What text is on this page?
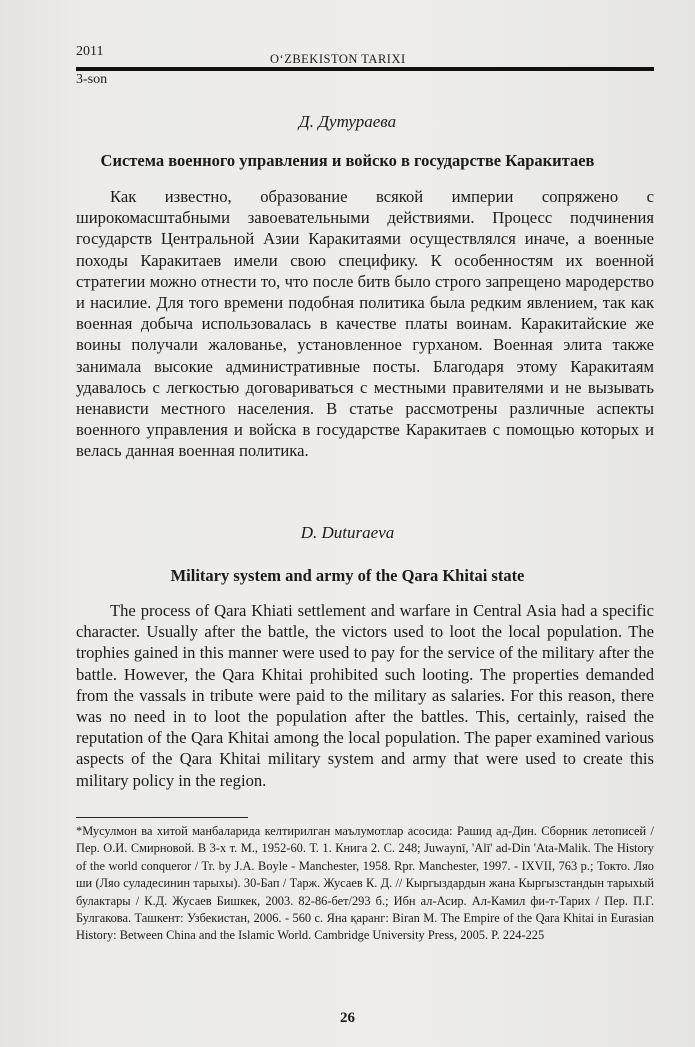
2011	O‘ZBEKISTON TARIXI
3-son
Д. Дутураева
Система военного управления и войско в государстве Каракитаев

Как известно, образование всякой империи сопряжено с широкомасштабными завоевательными действиями. Процесс подчинения государств Центральной Азии Каракитаями осуществлялся иначе, а военные походы Каракитаев имели свою специфику. К особенностям их военной стратегии можно отнести то, что после битв было строго запрещено мародерство и насилие. Для того времени подобная политика была редким явлением, так как военная добыча использовалась в качестве платы воинам. Каракитайские же воины получали жалованье, установленное гурханом. Военная элита также занимала высокие административные посты. Благодаря этому Каракитаям удавалось с легкостью договариваться с местными правителями и не вызывать ненависти местного населения. В статье рассмотрены различные аспекты военного управления и войска в государстве Каракитаев с помощью которых и велась данная военная политика.

D. Duturaeva
Military system and army of the Qara Khitai state

The process of Qara Khiati settlement and warfare in Central Asia had a specific character. Usually after the battle, the victors used to loot the local population. The trophies gained in this manner were used to pay for the service of the military after the battle. However, the Qara Khitai prohibited such looting. The properties demanded from the vassals in tribute were paid to the military as salaries. For this reason, there was no need in to loot the population after the battles. This, certainly, raised the reputation of the Qara Khitai among the local population. The paper examined various aspects of the Qara Khitai military system and army that were used to create this military policy in the region.

*Мусулмон ва хитой манбаларида келтирилган маълумотлар асосида: Рашид ад-Дин. Сборник летописей / Пер. О.И. Смирновой. В 3-х т. М., 1952-60. Т. 1. Книга 2. С. 248; Juwaynī, 'Alī' ad-Din 'Ata-Malik. The History of the world conqueror / Tr. by J.A. Boyle - Manchester, 1958. Rpr. Manchester, 1997. - IXVII, 763 p.; Токто. Ляо ши (Ляо суладесинин тарыхы). 30-Бап / Тарж. Жусаев К. Д. // Кыргыздардын жана Кыргызстандын тарыхый булактары / К.Д. Жусаев Бишкек, 2003. 82-86-бет/293 б.; Ибн ал-Асир. Ал-Камил фи-т-Тарих / Пер. П.Г. Булгакова. Ташкент: Узбекистан, 2006. - 560 с. Яна қаранг: Biran M. The Empire of the Qara Khitai in Eurasian History: Between China and the Islamic World. Cambridge University Press, 2005. P. 224-225

26
